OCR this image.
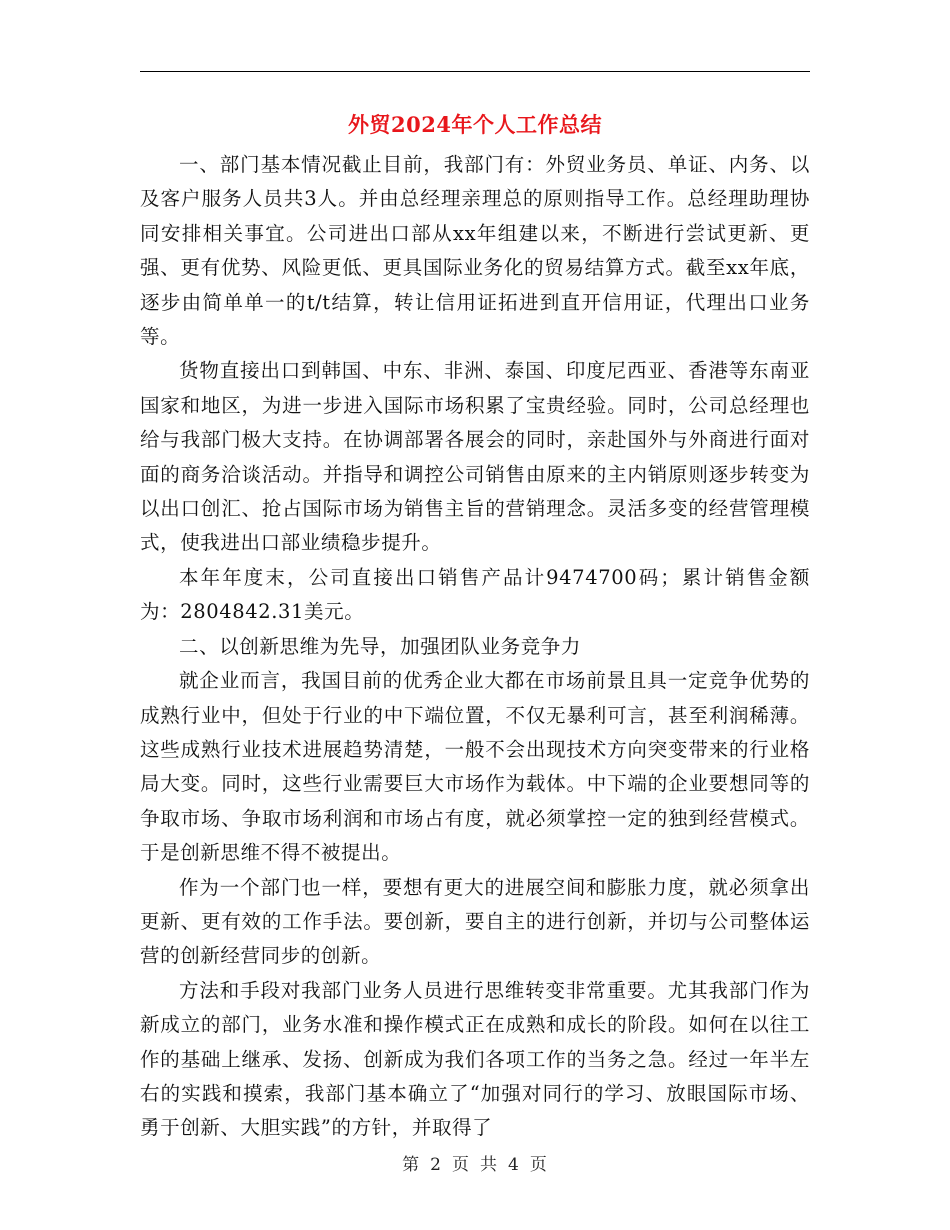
外贸2024年个人工作总结

一、部门基本情况截止目前，我部门有：外贸业务员、单证、内务、以及客户服务人员共3人。并由总经理亲理总的原则指导工作。总经理助理协同安排相关事宜。公司进出口部从xx年组建以来，不断进行尝试更新、更强、更有优势、风险更低、更具国际业务化的贸易结算方式。截至xx年底，逐步由简单单一的t/t结算，转让信用证拓进到直开信用证，代理出口业务等。

货物直接出口到韩国、中东、非洲、泰国、印度尼西亚、香港等东南亚国家和地区，为进一步进入国际市场积累了宝贵经验。同时，公司总经理也给与我部门极大支持。在协调部署各展会的同时，亲赴国外与外商进行面对面的商务洽谈活动。并指导和调控公司销售由原来的主内销原则逐步转变为以出口创汇、抢占国际市场为销售主旨的营销理念。灵活多变的经营管理模式，使我进出口部业绩稳步提升。

本年年度末，公司直接出口销售产品计9474700码；累计销售金额为：2804842.31美元。

二、以创新思维为先导，加强团队业务竞争力

就企业而言，我国目前的优秀企业大都在市场前景且具一定竞争优势的成熟行业中，但处于行业的中下端位置，不仅无暴利可言，甚至利润稀薄。这些成熟行业技术进展趋势清楚，一般不会出现技术方向突变带来的行业格局大变。同时，这些行业需要巨大市场作为载体。中下端的企业要想同等的争取市场、争取市场利润和市场占有度，就必须掌控一定的独到经营模式。于是创新思维不得不被提出。

作为一个部门也一样，要想有更大的进展空间和膨胀力度，就必须拿出更新、更有效的工作手法。要创新，要自主的进行创新，并切与公司整体运营的创新经营同步的创新。

方法和手段对我部门业务人员进行思维转变非常重要。尤其我部门作为新成立的部门，业务水准和操作模式正在成熟和成长的阶段。如何在以往工作的基础上继承、发扬、创新成为我们各项工作的当务之急。经过一年半左右的实践和摸索，我部门基本确立了“加强对同行的学习、放眼国际市场、勇于创新、大胆实践”的方针，并取得了

第 2 页 共 4 页
